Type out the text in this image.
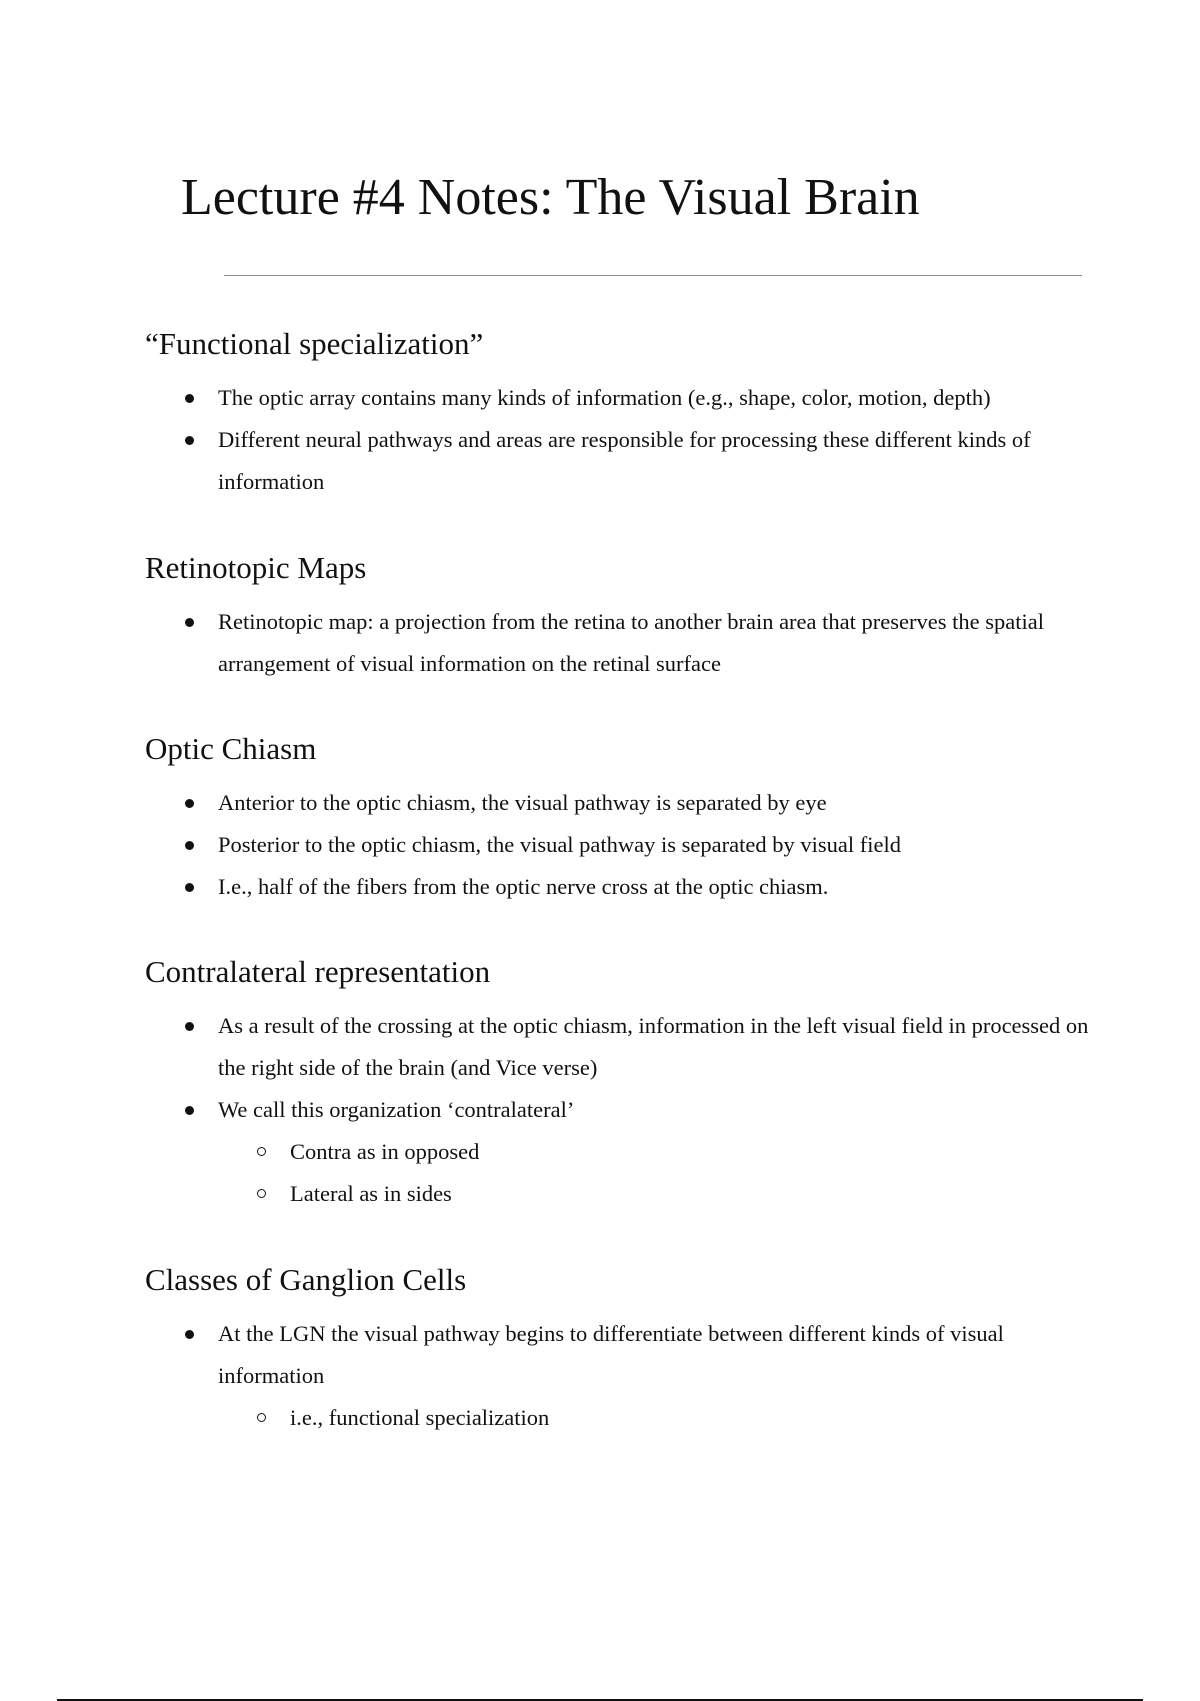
Lecture #4 Notes: The Visual Brain
“Functional specialization”
The optic array contains many kinds of information (e.g., shape, color, motion, depth)
Different neural pathways and areas are responsible for processing these different kinds of information
Retinotopic Maps
Retinotopic map: a projection from the retina to another brain area that preserves the spatial arrangement of visual information on the retinal surface
Optic Chiasm
Anterior to the optic chiasm, the visual pathway is separated by eye
Posterior to the optic chiasm, the visual pathway is separated by visual field
I.e., half of the fibers from the optic nerve cross at the optic chiasm.
Contralateral representation
As a result of the crossing at the optic chiasm, information in the left visual field in processed on the right side of the brain (and Vice verse)
We call this organization ‘contralateral’
Contra as in opposed
Lateral as in sides
Classes of Ganglion Cells
At the LGN the visual pathway begins to differentiate between different kinds of visual information
i.e., functional specialization
